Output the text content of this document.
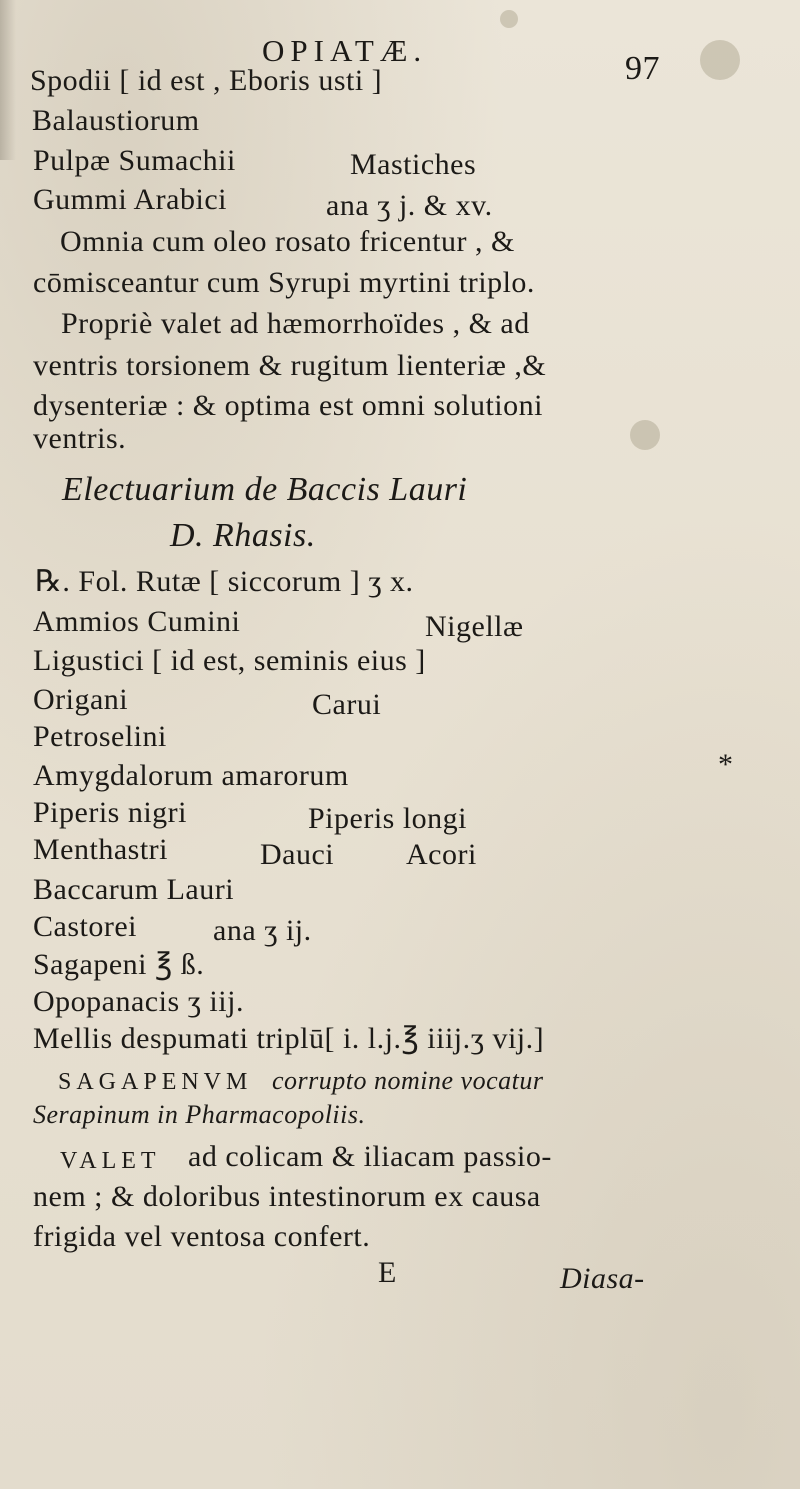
OPIATÆ.	97
Spodii [ id est , Eboris usti ]
Balaustiorum
Pulpæ Sumachii	Mastiches
Gummi Arabici	ana ʒ j. & xv.
Omnia cum oleo rosato fricentur , &
cōmisceantur cum Syrupi myrtini triplo.
Propriè valet ad hæmorrhoïdes , & ad
ventris torsionem & rugitum lienteriæ ,&
dysenteriæ : & optima est omni solutioni
ventris.
Electuarium de Baccis Lauri
D. Rhasis.
℞. Fol. Rutæ [ siccorum ] ʒ x.
Ammios Cumini	Nigellæ
Ligustici [ id est, seminis eius ]
Origani	Carui
Petroselini
Amygdalorum amarorum	*
Piperis nigri	Piperis longi
Menthastri	Dauci Acori
Baccarum Lauri
Castorei	ana ʒ ij.
Sagapeni ℥ ß.
Opopanacis ʒ iij.
Mellis despumati triplū[ i. l.j.℥ iiij.ʒ vij.]
SAGAPENVM corrupto nomine vocatur
Serapinum in Pharmacopoliis.
VALET ad colicam & iliacam passio-
nem ; & doloribus intestinorum ex causa
frigida vel ventosa confert.
E	Diasa-
